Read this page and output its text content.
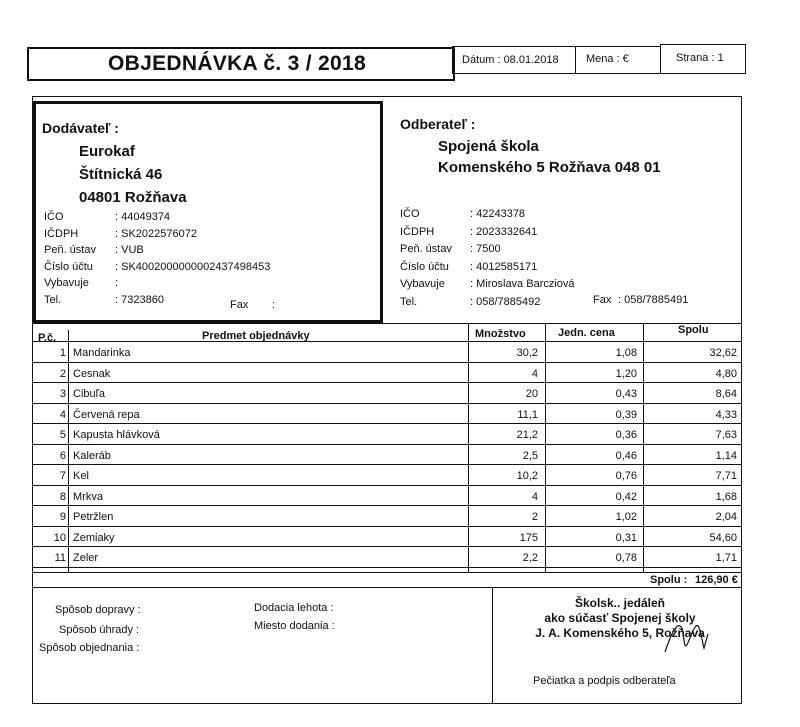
OBJEDNÁVKA č. 3 / 2018	Dátum : 08.01.2018 Mena : €	Strana : 1
Dodávateľ :
Eurokaf
Štítnická 46
04801 Rožňava
IČO	: 44049374
IČDPH	: SK2022576072
Peň. ústav : VUB
Číslo účtu : SK4002000000002437498453
Vybavuje :
Tel.	: 7323860	Fax :
Odberateľ :
Spojená škola
Komenského 5 Rožňava 048 01
IČO	: 42243378
IČDPH	: 2023332641
Peň. ústav : 7500
Číslo účtu : 4012585171
Vybavuje : Miroslava Barcziová
Tel.	: 058/7885492	Fax : 058/7885491
P.č.	Predmet objednávky	Množstvo	Jedn. cena	Spolu
1 Mandarinka	30,2	1,08	32,62
2 Cesnak	4	1,20	4,80
3 Cibuľa	20	0,43	8,64
4 Červená repa	11,1	0,39	4,33
5 Kapusta hlávková	21,2	0,36	7,63
6 Kaleráb	2,5	0,46	1,14
7 Kel	10,2	0,76	7,71
8 Mrkva	4	0,42	1,68
9 Petržlen	2	1,02	2,04
10 Zemiaky	175	0,31	54,60
11 Zeler	2,2	0,78	1,71
Spolu : 126,90 €
Spôsob dopravy :
Spôsob úhrady :
Spôsob objednania :
Dodacia lehota :
Miesto dodania :
Školsk.. jedáleň
ako súčasť Spojenej školy
J. A. Komenského 5, Rožňava
Pečiatka a podpis odberateľa
